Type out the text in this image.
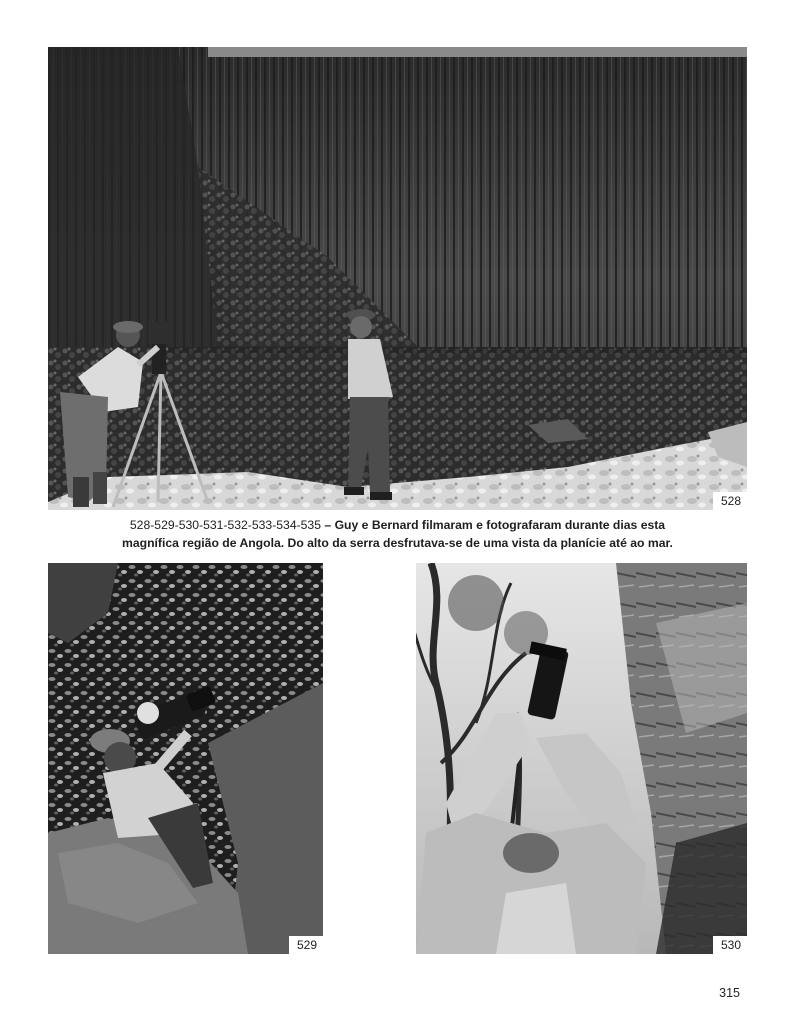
528
528-529-530-531-532-533-534-535 – Guy e Bernard filmaram e fotografaram durante dias esta
magnífica região de Angola. Do alto da serra desfrutava-se de uma vista da planície até ao mar.
529	530
315
